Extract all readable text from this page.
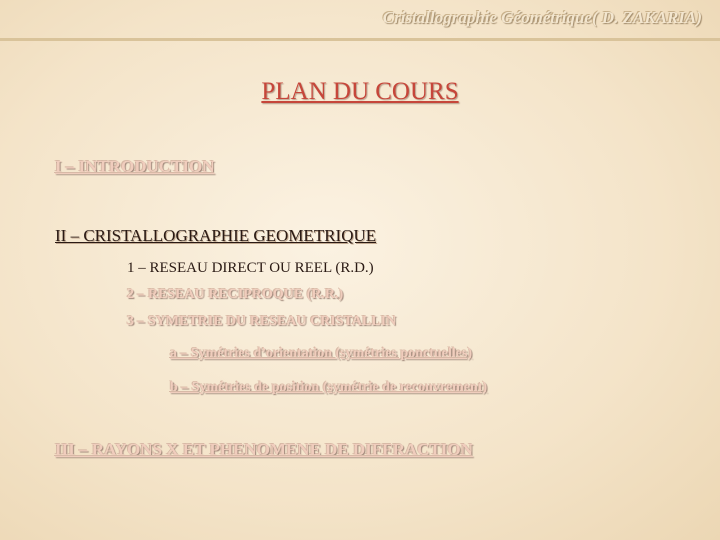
Cristallographie Géométrique( D. ZAKARIA)
PLAN DU COURS
I – INTRODUCTION
II – CRISTALLOGRAPHIE GEOMETRIQUE
1 – RESEAU DIRECT OU REEL (R.D.)
2 – RESEAU RECIPROQUE (R.R.)
3 – SYMETRIE DU RESEAU CRISTALLIN
a – Symétries d’orientation (symétries ponctuelles)
b – Symétries de position (symétrie de recouvrement)
III – RAYONS X ET PHENOMENE DE DIFFRACTION
